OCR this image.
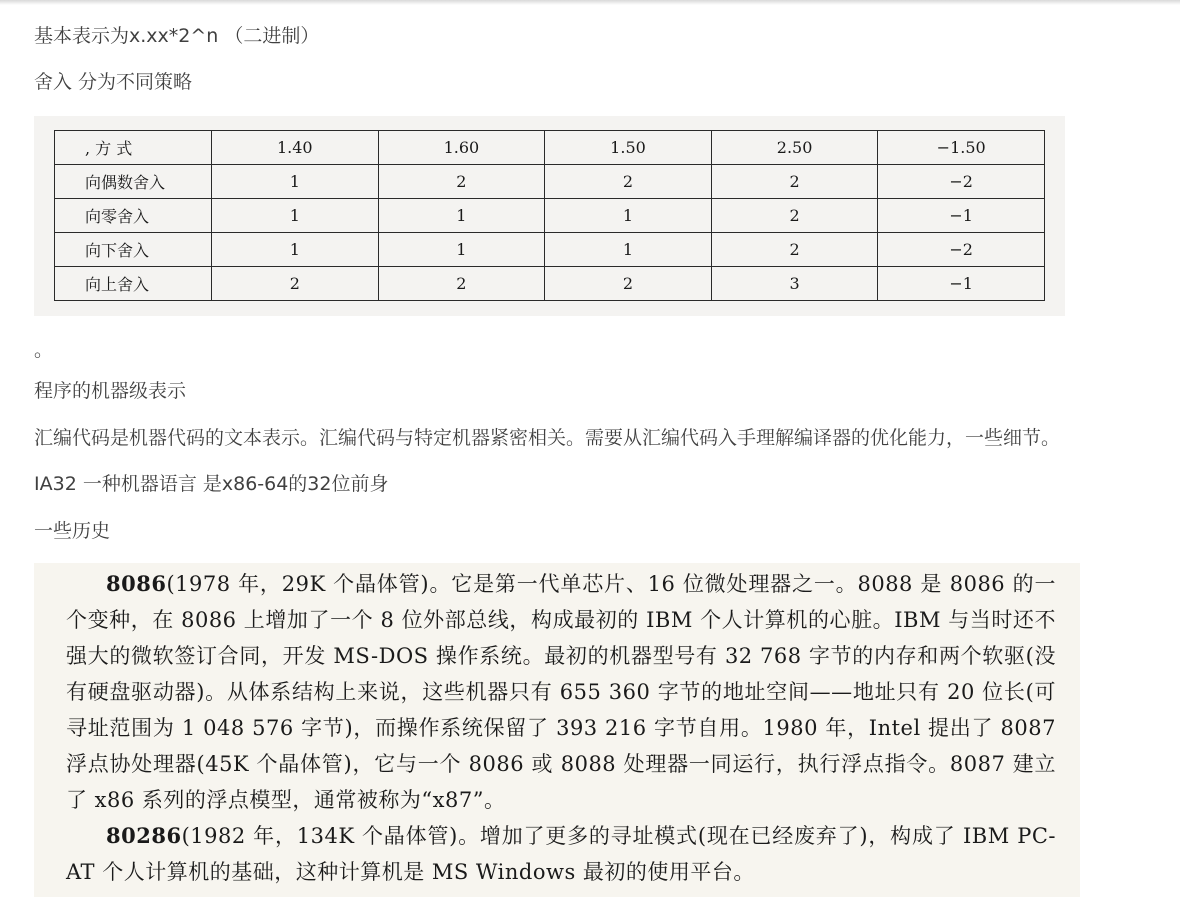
基本表示为x.xx*2^n （二进制）
舍入 分为不同策略
, 方 式	1.40	1.60	1.50	2.50	−1.50
向偶数舍入	1	2	2	2	−2
向零舍入	1	1	1	2	−1
向下舍入	1	1	1	2	−2
向上舍入	2	2	2	3	−1
。
程序的机器级表示
汇编代码是机器代码的文本表示。汇编代码与特定机器紧密相关。需要从汇编代码入手理解编译器的优化能力，一些细节。
IA32 一种机器语言 是x86-64的32位前身
一些历史
8086(1978 年，29K 个晶体管)。它是第一代单芯片、16 位微处理器之一。8088 是 8086 的一个变种，在 8086 上增加了一个 8 位外部总线，构成最初的 IBM 个人计算机的心脏。IBM 与当时还不强大的微软签订合同，开发 MS-DOS 操作系统。最初的机器型号有 32 768 字节的内存和两个软驱(没有硬盘驱动器)。从体系结构上来说，这些机器只有 655 360 字节的地址空间——地址只有 20 位长(可寻址范围为 1 048 576 字节)，而操作系统保留了 393 216 字节自用。1980 年，Intel 提出了 8087 浮点协处理器(45K 个晶体管)，它与一个 8086 或 8088 处理器一同运行，执行浮点指令。8087 建立了 x86 系列的浮点模型，通常被称为“x87”。
80286(1982 年，134K 个晶体管)。增加了更多的寻址模式(现在已经废弃了)，构成了 IBM PC-AT 个人计算机的基础，这种计算机是 MS Windows 最初的使用平台。
